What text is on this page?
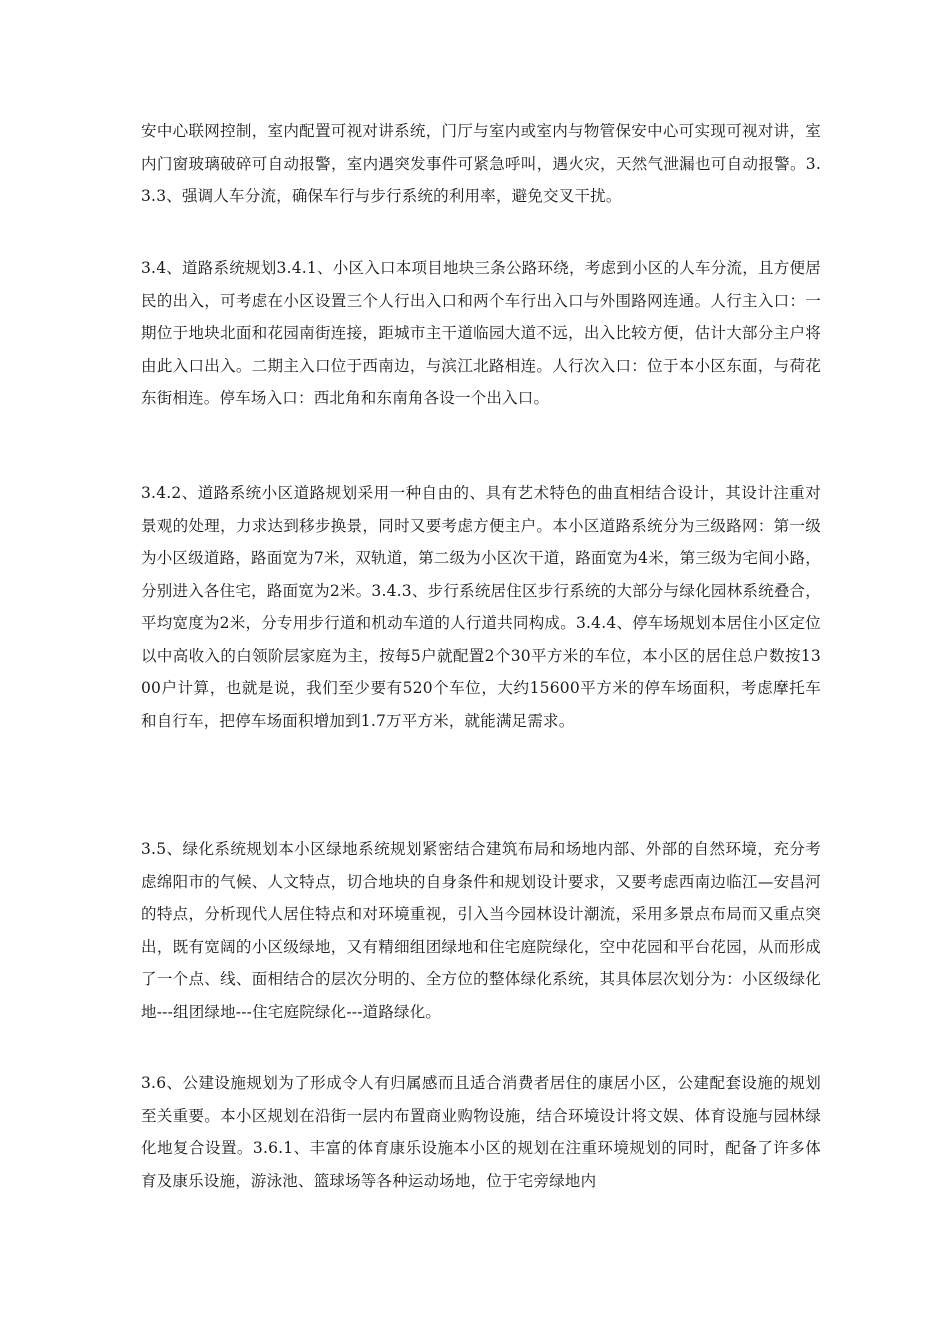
安中心联网控制，室内配置可视对讲系统，门厅与室内或室内与物管保安中心可实现可视对讲，室内门窗玻璃破碎可自动报警，室内遇突发事件可紧急呼叫，遇火灾，天然气泄漏也可自动报警。3.3.3、强调人车分流，确保车行与步行系统的利用率，避免交叉干扰。

3.4、道路系统规划3.4.1、小区入口本项目地块三条公路环绕，考虑到小区的人车分流，且方便居民的出入，可考虑在小区设置三个人行出入口和两个车行出入口与外围路网连通。人行主入口：一期位于地块北面和花园南街连接，距城市主干道临园大道不远，出入比较方便，估计大部分主户将由此入口出入。二期主入口位于西南边，与滨江北路相连。人行次入口：位于本小区东面，与荷花东街相连。停车场入口：西北角和东南角各设一个出入口。

3.4.2、道路系统小区道路规划采用一种自由的、具有艺术特色的曲直相结合设计，其设计注重对景观的处理，力求达到移步换景，同时又要考虑方便主户。本小区道路系统分为三级路网：第一级为小区级道路，路面宽为7米，双轨道，第二级为小区次干道，路面宽为4米，第三级为宅间小路，分别进入各住宅，路面宽为2米。3.4.3、步行系统居住区步行系统的大部分与绿化园林系统叠合，平均宽度为2米，分专用步行道和机动车道的人行道共同构成。3.4.4、停车场规划本居住小区定位以中高收入的白领阶层家庭为主，按每5户就配置2个30平方米的车位，本小区的居住总户数按1300户计算，也就是说，我们至少要有520个车位，大约15600平方米的停车场面积，考虑摩托车和自行车，把停车场面积增加到1.7万平方米，就能满足需求。

3.5、绿化系统规划本小区绿地系统规划紧密结合建筑布局和场地内部、外部的自然环境，充分考虑绵阳市的气候、人文特点，切合地块的自身条件和规划设计要求，又要考虑西南边临江—安昌河的特点，分析现代人居住特点和对环境重视，引入当今园林设计潮流，采用多景点布局而又重点突出，既有宽阔的小区级绿地，又有精细组团绿地和住宅庭院绿化，空中花园和平台花园，从而形成了一个点、线、面相结合的层次分明的、全方位的整体绿化系统，其具体层次划分为：小区级绿化地---组团绿地---住宅庭院绿化---道路绿化。

3.6、公建设施规划为了形成令人有归属感而且适合消费者居住的康居小区，公建配套设施的规划至关重要。本小区规划在沿街一层内布置商业购物设施，结合环境设计将文娱、体育设施与园林绿化地复合设置。3.6.1、丰富的体育康乐设施本小区的规划在注重环境规划的同时，配备了许多体育及康乐设施，游泳池、篮球场等各种运动场地，位于宅旁绿地内
